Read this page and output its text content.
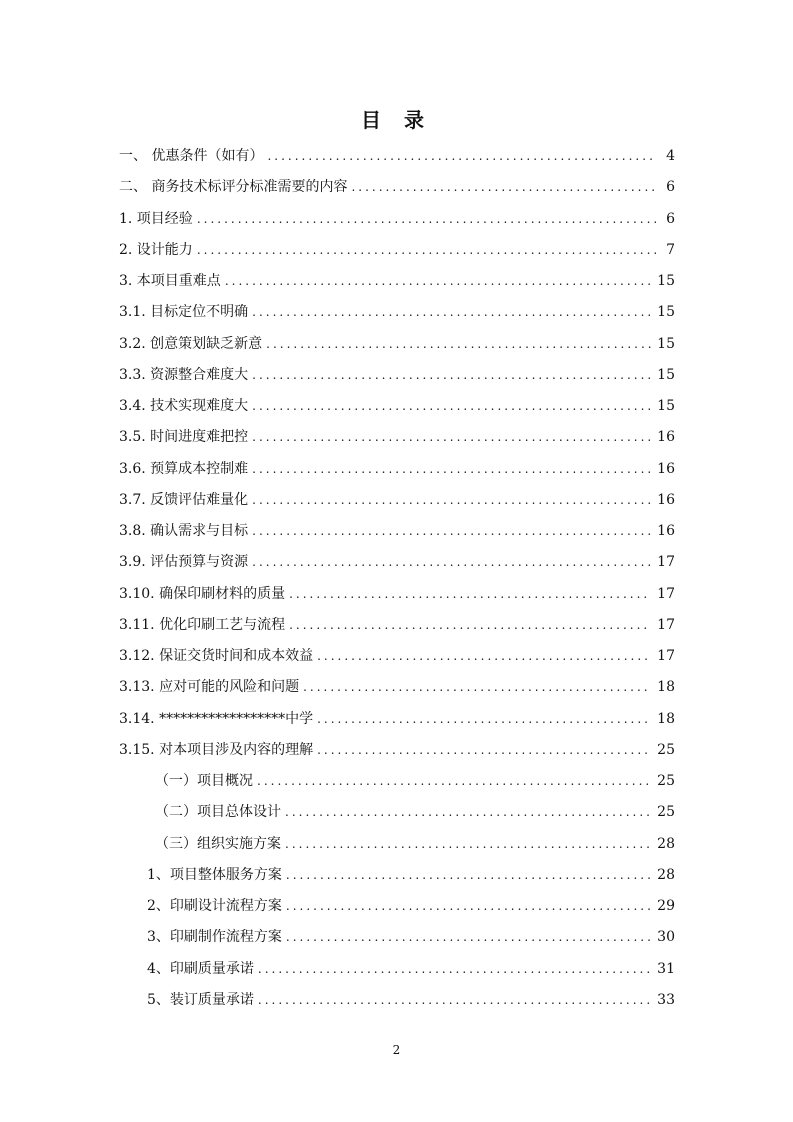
目 录
一、 优惠条件（如有） .....	4
二、 商务技术标评分标准需要的内容 .....	6
1. 项目经验 .....	6
2. 设计能力 .....	7
3. 本项目重难点 .....	15
3.1. 目标定位不明确 .....	15
3.2. 创意策划缺乏新意 .....	15
3.3. 资源整合难度大 .....	15
3.4. 技术实现难度大 .....	15
3.5. 时间进度难把控 .....	16
3.6. 预算成本控制难 .....	16
3.7. 反馈评估难量化 .....	16
3.8. 确认需求与目标 .....	16
3.9. 评估预算与资源 .....	17
3.10. 确保印刷材料的质量 .....	17
3.11. 优化印刷工艺与流程 .....	17
3.12. 保证交货时间和成本效益 .....	17
3.13. 应对可能的风险和问题 .....	18
3.14. ******************中学 .....	18
3.15. 对本项目涉及内容的理解 .....	25
（一）项目概况 .....	25
（二）项目总体设计 .....	25
（三）组织实施方案 .....	28
1、项目整体服务方案 .....	28
2、印刷设计流程方案 .....	29
3、印刷制作流程方案 .....	30
4、印刷质量承诺 .....	31
5、装订质量承诺 .....	33
2
